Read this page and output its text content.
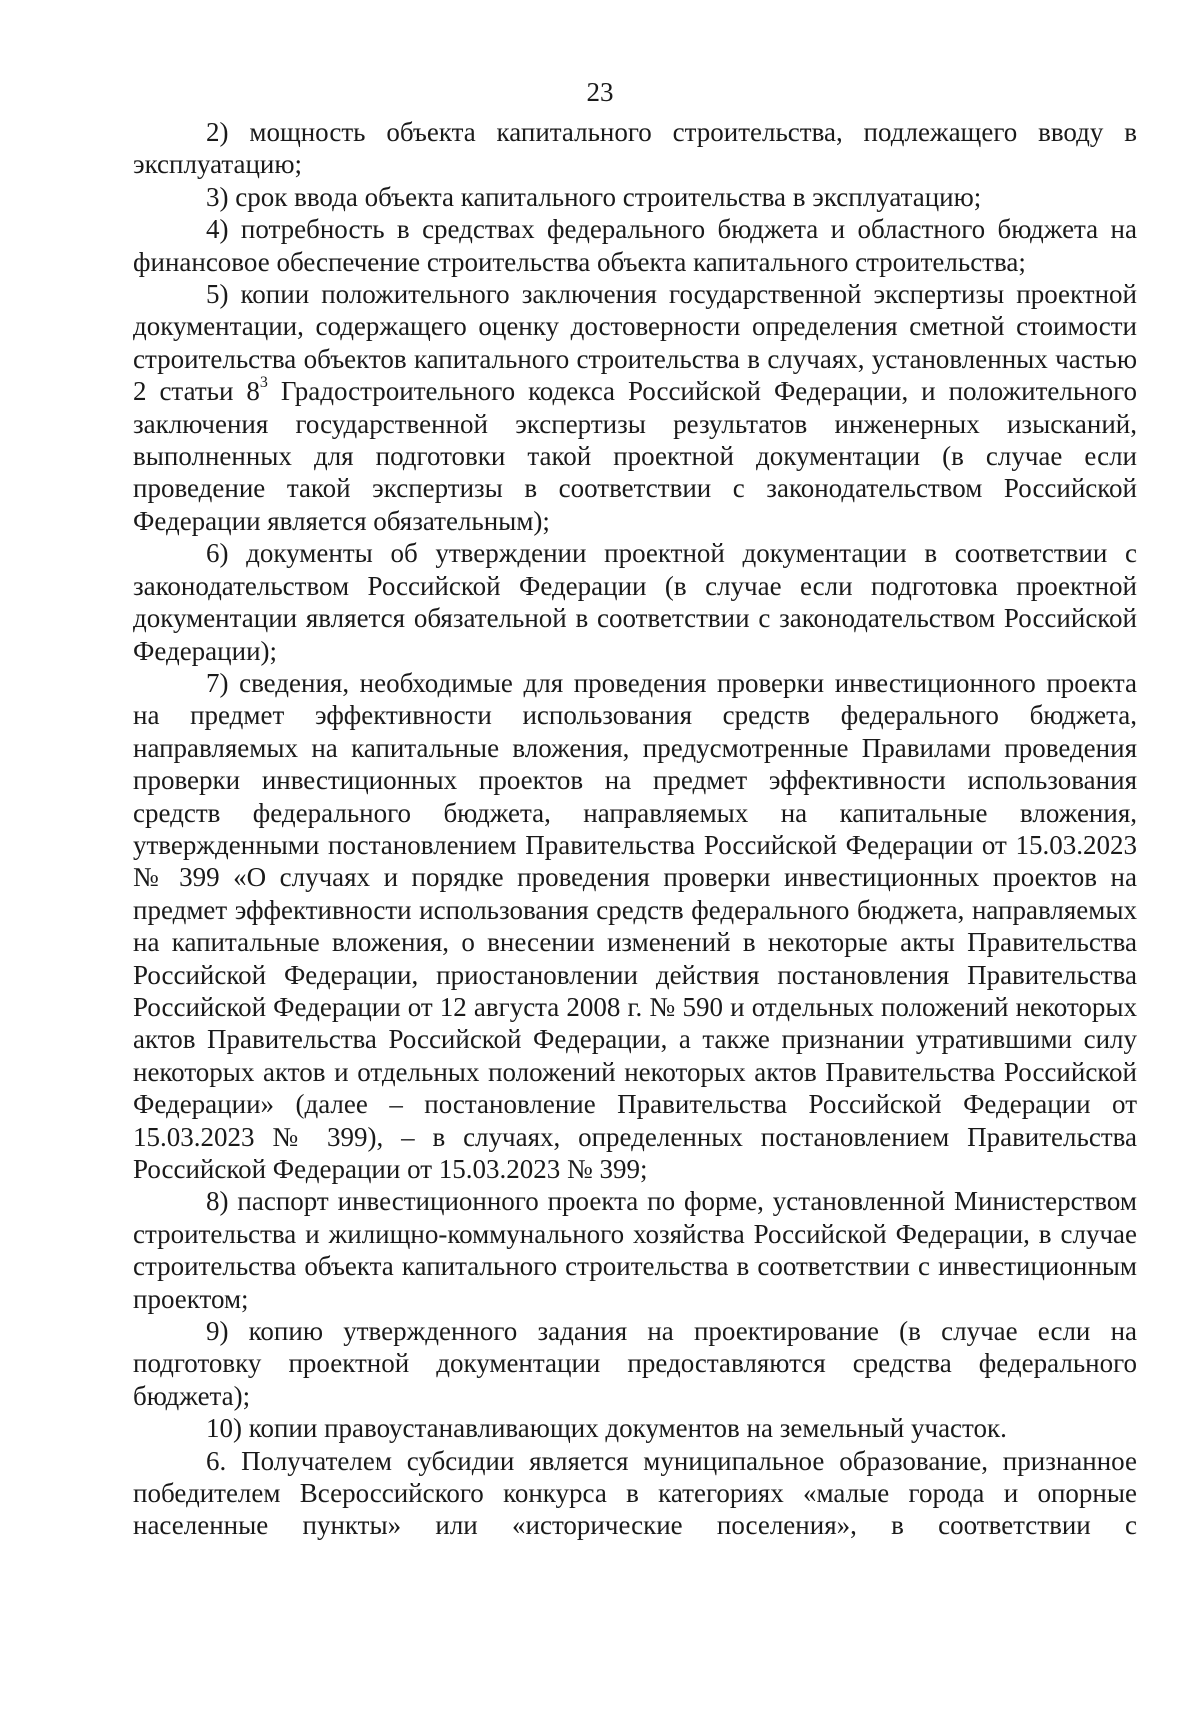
23

2) мощность объекта капитального строительства, подлежащего вводу в эксплуатацию;

3) срок ввода объекта капитального строительства в эксплуатацию;

4) потребность в средствах федерального бюджета и областного бюджета на финансовое обеспечение строительства объекта капитального строительства;

5) копии положительного заключения государственной экспертизы проектной документации, содержащего оценку достоверности определения сметной стоимости строительства объектов капитального строительства в случаях, установленных частью 2 статьи $8^3$ Градостроительного кодекса Российской Федерации, и положительного заключения государственной экспертизы результатов инженерных изысканий, выполненных для подготовки такой проектной документации (в случае если проведение такой экспертизы в соответствии с законодательством Российской Федерации является обязательным);

6) документы об утверждении проектной документации в соответствии с законодательством Российской Федерации (в случае если подготовка проектной документации является обязательной в соответствии с законодательством Российской Федерации);

7) сведения, необходимые для проведения проверки инвестиционного проекта на предмет эффективности использования средств федерального бюджета, направляемых на капитальные вложения, предусмотренные Правилами проведения проверки инвестиционных проектов на предмет эффективности использования средств федерального бюджета, направляемых на капитальные вложения, утвержденными постановлением Правительства Российской Федерации от 15.03.2023 № 399 «О случаях и порядке проведения проверки инвестиционных проектов на предмет эффективности использования средств федерального бюджета, направляемых на капитальные вложения, о внесении изменений в некоторые акты Правительства Российской Федерации, приостановлении действия постановления Правительства Российской Федерации от 12 августа 2008 г. № 590 и отдельных положений некоторых актов Правительства Российской Федерации, а также признании утратившими силу некоторых актов и отдельных положений некоторых актов Правительства Российской Федерации» (далее – постановление Правительства Российской Федерации от 15.03.2023 № 399), – в случаях, определенных постановлением Правительства Российской Федерации от 15.03.2023 № 399;

8) паспорт инвестиционного проекта по форме, установленной Министерством строительства и жилищно-коммунального хозяйства Российской Федерации, в случае строительства объекта капитального строительства в соответствии с инвестиционным проектом;

9) копию утвержденного задания на проектирование (в случае если на подготовку проектной документации предоставляются средства федерального бюджета);

10) копии правоустанавливающих документов на земельный участок.

6. Получателем субсидии является муниципальное образование, признанное победителем Всероссийского конкурса в категориях «малые города и опорные населенные пункты» или «исторические поселения», в соответствии с
